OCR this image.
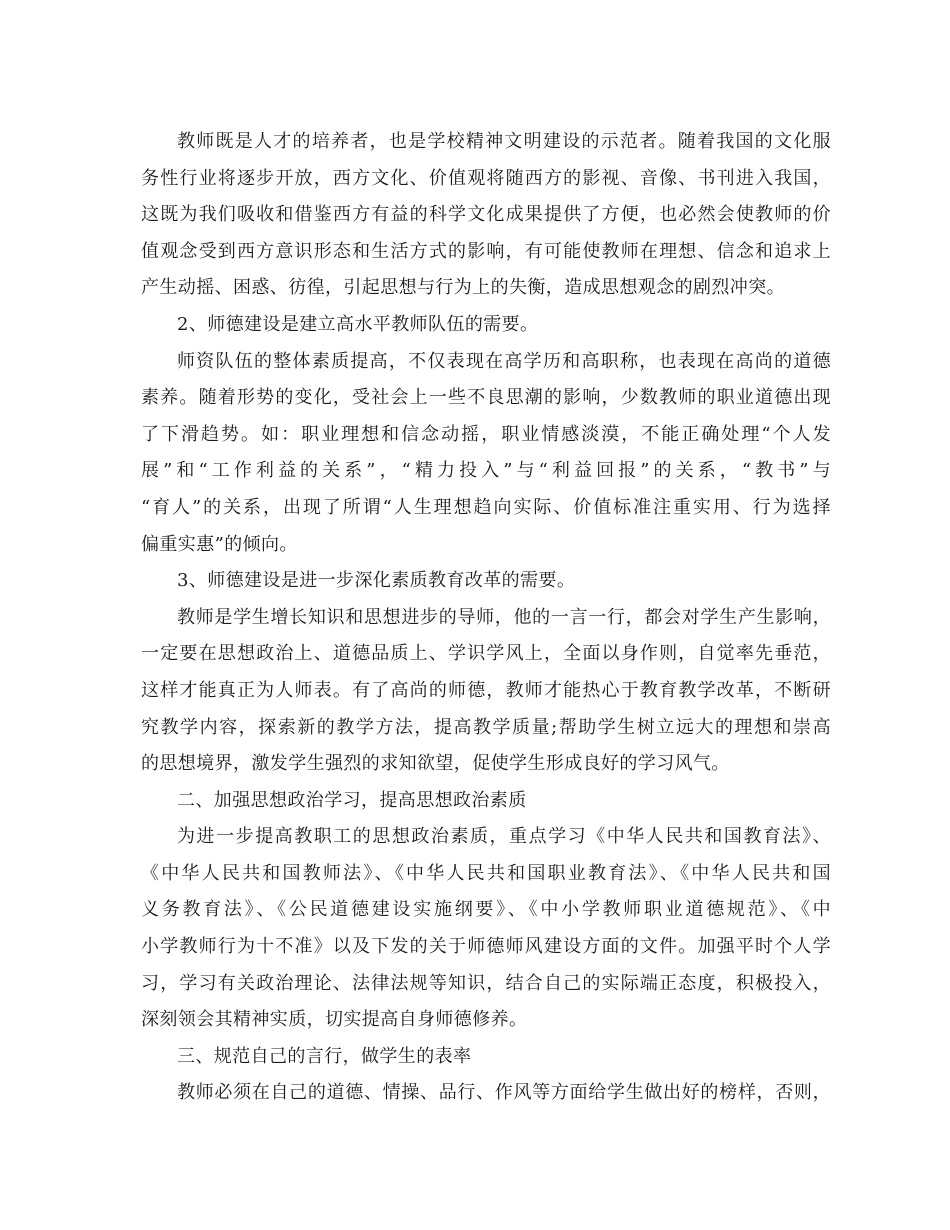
教师既是人才的培养者，也是学校精神文明建设的示范者。随着我国的文化服
务性行业将逐步开放，西方文化、价值观将随西方的影视、音像、书刊进入我国，
这既为我们吸收和借鉴西方有益的科学文化成果提供了方便，也必然会使教师的价
值观念受到西方意识形态和生活方式的影响，有可能使教师在理想、信念和追求上
产生动摇、困惑、彷徨，引起思想与行为上的失衡，造成思想观念的剧烈冲突。
2、师德建设是建立高水平教师队伍的需要。
师资队伍的整体素质提高，不仅表现在高学历和高职称，也表现在高尚的道德
素养。随着形势的变化，受社会上一些不良思潮的影响，少数教师的职业道德出现
了下滑趋势。如：职业理想和信念动摇，职业情感淡漠，不能正确处理“个人发
展”和“工作利益的关系”，“精力投入”与“利益回报”的关系，“教书”与
“育人”的关系，出现了所谓“人生理想趋向实际、价值标准注重实用、行为选择
偏重实惠”的倾向。
3、师德建设是进一步深化素质教育改革的需要。
教师是学生增长知识和思想进步的导师，他的一言一行，都会对学生产生影响，
一定要在思想政治上、道德品质上、学识学风上，全面以身作则，自觉率先垂范，
这样才能真正为人师表。有了高尚的师德，教师才能热心于教育教学改革，不断研
究教学内容，探索新的教学方法，提高教学质量;帮助学生树立远大的理想和崇高
的思想境界，激发学生强烈的求知欲望，促使学生形成良好的学习风气。
二、加强思想政治学习，提高思想政治素质
为进一步提高教职工的思想政治素质，重点学习《中华人民共和国教育法》、
《中华人民共和国教师法》、《中华人民共和国职业教育法》、《中华人民共和国
义务教育法》、《公民道德建设实施纲要》、《中小学教师职业道德规范》、《中
小学教师行为十不准》以及下发的关于师德师风建设方面的文件。加强平时个人学
习，学习有关政治理论、法律法规等知识，结合自己的实际端正态度，积极投入，
深刻领会其精神实质，切实提高自身师德修养。
三、规范自己的言行，做学生的表率
教师必须在自己的道德、情操、品行、作风等方面给学生做出好的榜样，否则，
